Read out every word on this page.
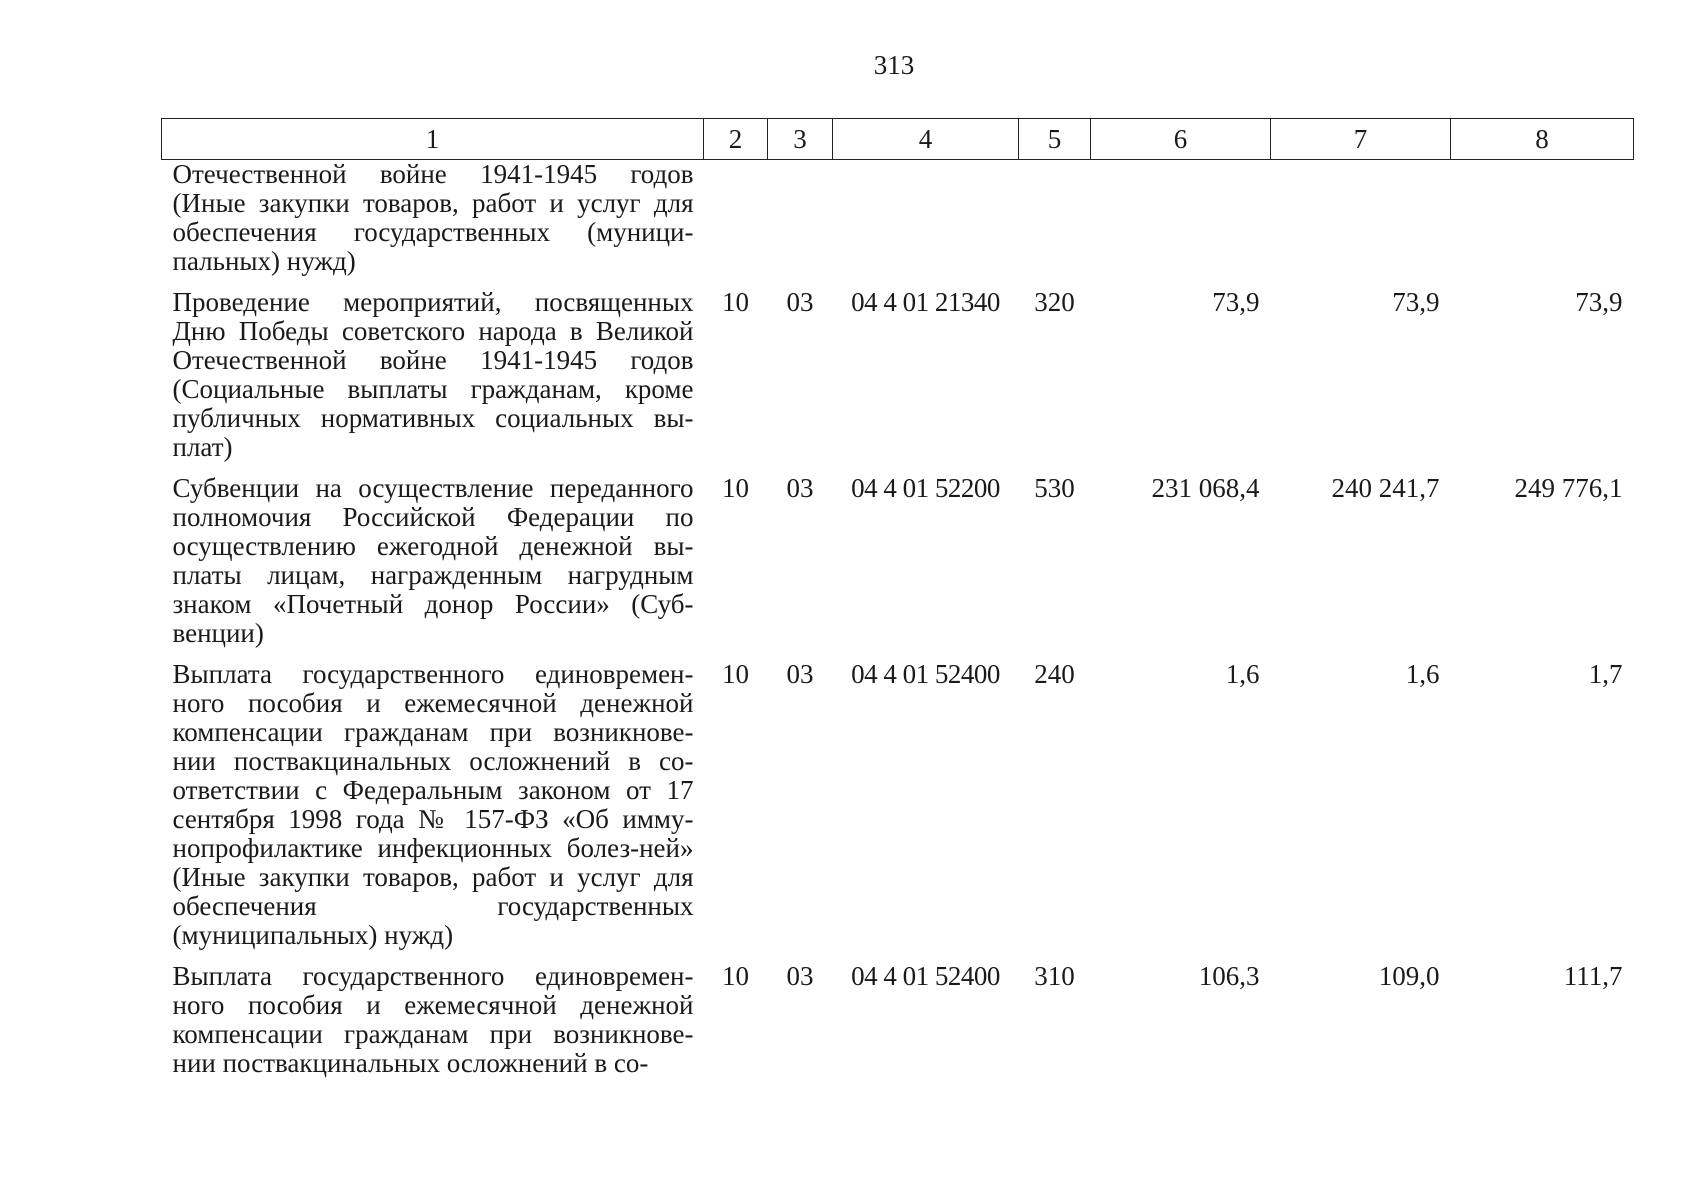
313
1	2	3	4	5	6	7	8
Отечественной войне 1941-1945 годов (Иные закупки товаров, работ и услуг для обеспечения государственных (муници-пальных) нужд)							
Проведение мероприятий, посвященных Дню Победы советского народа в Великой Отечественной войне 1941-1945 годов (Социальные выплаты гражданам, кроме публичных нормативных социальных вы-плат)	10	03	04 4 01 21340	320	73,9	73,9	73,9
Субвенции на осуществление переданного полномочия Российской Федерации по осуществлению ежегодной денежной вы-платы лицам, награжденным нагрудным знаком «Почетный донор России» (Суб-венции)	10	03	04 4 01 52200	530	231 068,4	240 241,7	249 776,1
Выплата государственного единовремен-ного пособия и ежемесячной денежной компенсации гражданам при возникнове-нии поствакцинальных осложнений в со-ответствии с Федеральным законом от 17 сентября 1998 года № 157-ФЗ «Об имму-нопрофилактике инфекционных болез-ней» (Иные закупки товаров, работ и услуг для обеспечения государственных (муниципальных) нужд)	10	03	04 4 01 52400	240	1,6	1,6	1,7
Выплата государственного единовремен-ного пособия и ежемесячной денежной компенсации гражданам при возникнове-нии поствакцинальных осложнений в со-	10	03	04 4 01 52400	310	106,3	109,0	111,7
